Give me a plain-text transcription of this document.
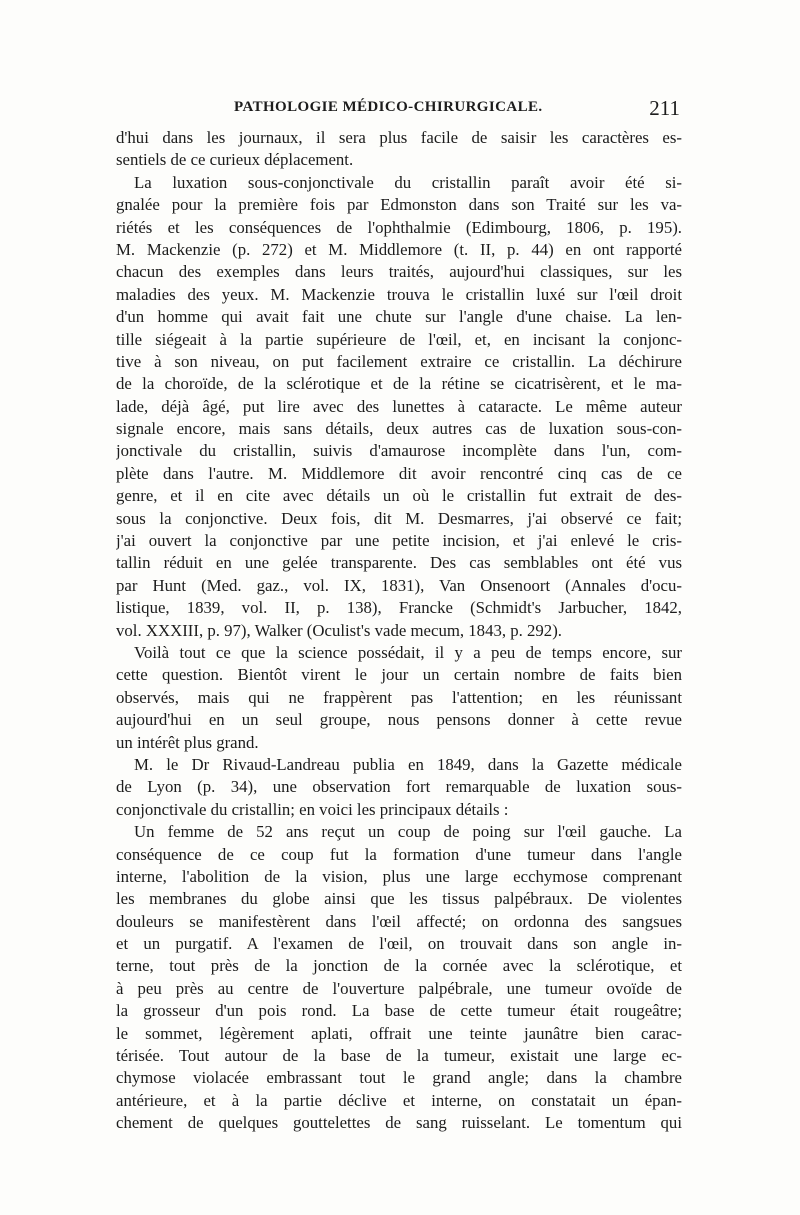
PATHOLOGIE MÉDICO-CHIRURGICALE.	211
d'hui dans les journaux, il sera plus facile de saisir les caractères es-
sentiels de ce curieux déplacement.
La luxation sous-conjonctivale du cristallin paraît avoir été si-
gnalée pour la première fois par Edmonston dans son Traité sur les va-
riétés et les conséquences de l'ophthalmie (Edimbourg, 1806, p. 195).
M. Mackenzie (p. 272) et M. Middlemore (t. II, p. 44) en ont rapporté
chacun des exemples dans leurs traités, aujourd'hui classiques, sur les
maladies des yeux. M. Mackenzie trouva le cristallin luxé sur l'œil droit
d'un homme qui avait fait une chute sur l'angle d'une chaise. La len-
tille siégeait à la partie supérieure de l'œil, et, en incisant la conjonc-
tive à son niveau, on put facilement extraire ce cristallin. La déchirure
de la choroïde, de la sclérotique et de la rétine se cicatrisèrent, et le ma-
lade, déjà âgé, put lire avec des lunettes à cataracte. Le même auteur
signale encore, mais sans détails, deux autres cas de luxation sous-con-
jonctivale du cristallin, suivis d'amaurose incomplète dans l'un, com-
plète dans l'autre. M. Middlemore dit avoir rencontré cinq cas de ce
genre, et il en cite avec détails un où le cristallin fut extrait de des-
sous la conjonctive. Deux fois, dit M. Desmarres, j'ai observé ce fait;
j'ai ouvert la conjonctive par une petite incision, et j'ai enlevé le cris-
tallin réduit en une gelée transparente. Des cas semblables ont été vus
par Hunt (Med. gaz., vol. IX, 1831), Van Onsenoort (Annales d'ocu-
listique, 1839, vol. II, p. 138), Francke (Schmidt's Jarbucher, 1842,
vol. XXXIII, p. 97), Walker (Oculist's vade mecum, 1843, p. 292).
Voilà tout ce que la science possédait, il y a peu de temps encore, sur
cette question. Bientôt virent le jour un certain nombre de faits bien
observés, mais qui ne frappèrent pas l'attention; en les réunissant
aujourd'hui en un seul groupe, nous pensons donner à cette revue
un intérêt plus grand.
M. le Dr Rivaud-Landreau publia en 1849, dans la Gazette médicale
de Lyon (p. 34), une observation fort remarquable de luxation sous-
conjonctivale du cristallin; en voici les principaux détails :
Un femme de 52 ans reçut un coup de poing sur l'œil gauche. La
conséquence de ce coup fut la formation d'une tumeur dans l'angle
interne, l'abolition de la vision, plus une large ecchymose comprenant
les membranes du globe ainsi que les tissus palpébraux. De violentes
douleurs se manifestèrent dans l'œil affecté; on ordonna des sangsues
et un purgatif. A l'examen de l'œil, on trouvait dans son angle in-
terne, tout près de la jonction de la cornée avec la sclérotique, et
à peu près au centre de l'ouverture palpébrale, une tumeur ovoïde de
la grosseur d'un pois rond. La base de cette tumeur était rougeâtre;
le sommet, légèrement aplati, offrait une teinte jaunâtre bien carac-
térisée. Tout autour de la base de la tumeur, existait une large ec-
chymose violacée embrassant tout le grand angle; dans la chambre
antérieure, et à la partie déclive et interne, on constatait un épan-
chement de quelques gouttelettes de sang ruisselant. Le tomentum qui
